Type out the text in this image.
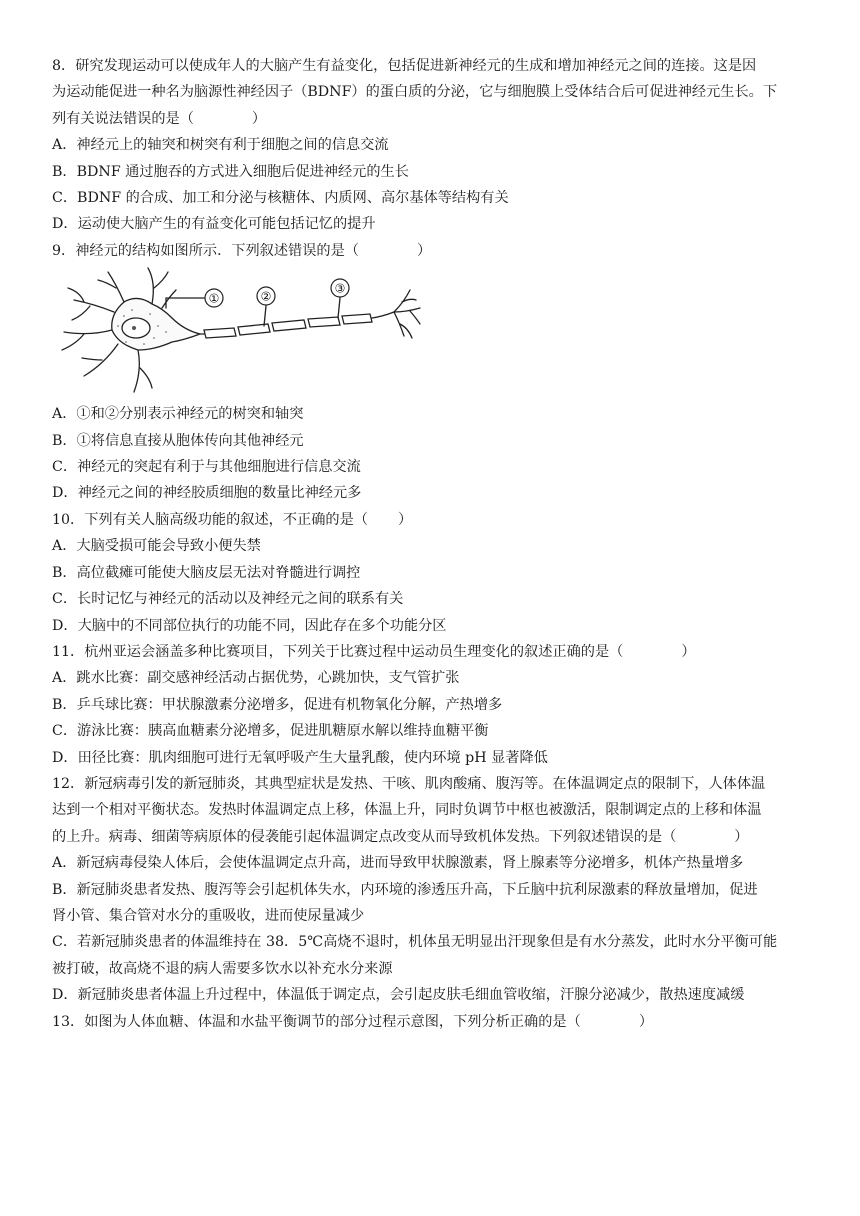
8．研究发现运动可以使成年人的大脑产生有益变化，包括促进新神经元的生成和增加神经元之间的连接。这是因
为运动能促进一种名为脑源性神经因子（BDNF）的蛋白质的分泌，它与细胞膜上受体结合后可促进神经元生长。下
列有关说法错误的是（	）
A．神经元上的轴突和树突有利于细胞之间的信息交流
B．BDNF 通过胞吞的方式进入细胞后促进神经元的生长
C．BDNF 的合成、加工和分泌与核糖体、内质网、高尔基体等结构有关
D．运动使大脑产生的有益变化可能包括记忆的提升
9．神经元的结构如图所示．下列叙述错误的是（	）
①	②
③
A．①和②分别表示神经元的树突和轴突
B．①将信息直接从胞体传向其他神经元
C．神经元的突起有利于与其他细胞进行信息交流
D．神经元之间的神经胶质细胞的数量比神经元多
10．下列有关人脑高级功能的叙述，不正确的是（ ）
A．大脑受损可能会导致小便失禁
B．高位截瘫可能使大脑皮层无法对脊髓进行调控
C．长时记忆与神经元的活动以及神经元之间的联系有关
D．大脑中的不同部位执行的功能不同，因此存在多个功能分区
11．杭州亚运会涵盖多种比赛项目，下列关于比赛过程中运动员生理变化的叙述正确的是（	）
A．跳水比赛：副交感神经活动占据优势，心跳加快，支气管扩张
B．乒乓球比赛：甲状腺激素分泌增多，促进有机物氧化分解，产热增多
C．游泳比赛：胰高血糖素分泌增多，促进肌糖原水解以维持血糖平衡
D．田径比赛：肌肉细胞可进行无氧呼吸产生大量乳酸，使内环境 pH 显著降低
12．新冠病毒引发的新冠肺炎，其典型症状是发热、干咳、肌肉酸痛、腹泻等。在体温调定点的限制下，人体体温
达到一个相对平衡状态。发热时体温调定点上移，体温上升，同时负调节中枢也被激活，限制调定点的上移和体温
的上升。病毒、细菌等病原体的侵袭能引起体温调定点改变从而导致机体发热。下列叙述错误的是（	）
A．新冠病毒侵染人体后，会使体温调定点升高，进而导致甲状腺激素，肾上腺素等分泌增多，机体产热量增多
B．新冠肺炎患者发热、腹泻等会引起机体失水，内环境的渗透压升高，下丘脑中抗利尿激素的释放量增加，促进
肾小管、集合管对水分的重吸收，进而使尿量减少
C．若新冠肺炎患者的体温维持在 38．5℃高烧不退时，机体虽无明显出汗现象但是有水分蒸发，此时水分平衡可能
被打破，故高烧不退的病人需要多饮水以补充水分来源
D．新冠肺炎患者体温上升过程中，体温低于调定点，会引起皮肤毛细血管收缩，汗腺分泌减少，散热速度减缓
13．如图为人体血糖、体温和水盐平衡调节的部分过程示意图，下列分析正确的是（	）
